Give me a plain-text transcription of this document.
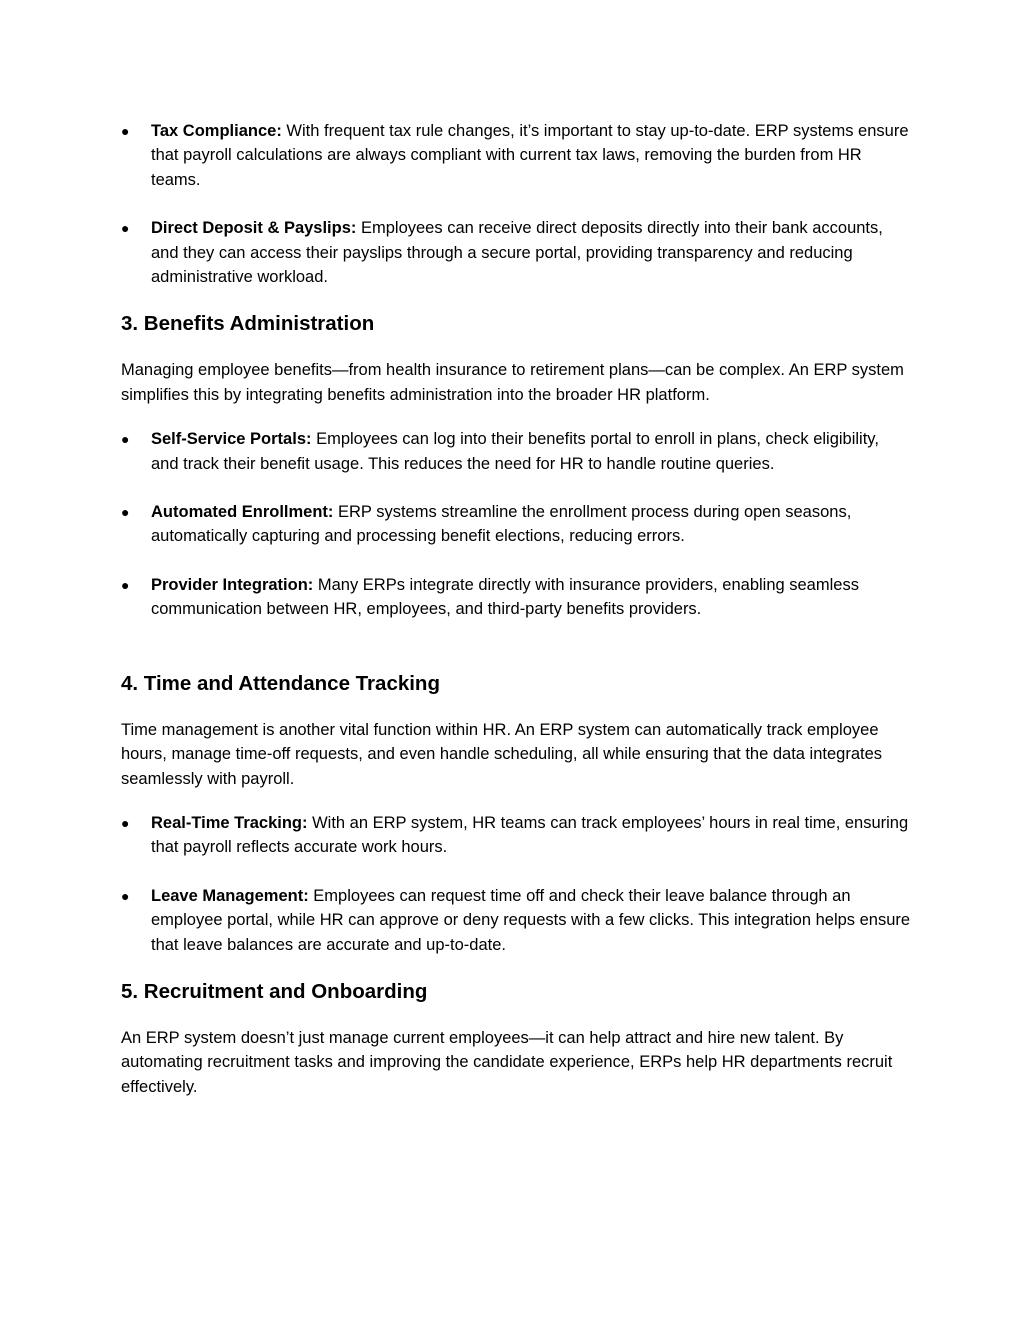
● Tax Compliance: With frequent tax rule changes, it’s important to stay up-to-date. ERP systems ensure that payroll calculations are always compliant with current tax laws, removing the burden from HR teams.
● Direct Deposit & Payslips: Employees can receive direct deposits directly into their bank accounts, and they can access their payslips through a secure portal, providing transparency and reducing administrative workload.
3. Benefits Administration

Managing employee benefits—from health insurance to retirement plans—can be complex. An ERP system simplifies this by integrating benefits administration into the broader HR platform.

● Self-Service Portals: Employees can log into their benefits portal to enroll in plans, check eligibility, and track their benefit usage. This reduces the need for HR to handle routine queries.
● Automated Enrollment: ERP systems streamline the enrollment process during open seasons, automatically capturing and processing benefit elections, reducing errors.
● Provider Integration: Many ERPs integrate directly with insurance providers, enabling seamless communication between HR, employees, and third-party benefits providers.
4. Time and Attendance Tracking

Time management is another vital function within HR. An ERP system can automatically track employee hours, manage time-off requests, and even handle scheduling, all while ensuring that the data integrates seamlessly with payroll.

● Real-Time Tracking: With an ERP system, HR teams can track employees’ hours in real time, ensuring that payroll reflects accurate work hours.
● Leave Management: Employees can request time off and check their leave balance through an employee portal, while HR can approve or deny requests with a few clicks. This integration helps ensure that leave balances are accurate and up-to-date.
5. Recruitment and Onboarding

An ERP system doesn’t just manage current employees—it can help attract and hire new talent. By automating recruitment tasks and improving the candidate experience, ERPs help HR departments recruit effectively.
